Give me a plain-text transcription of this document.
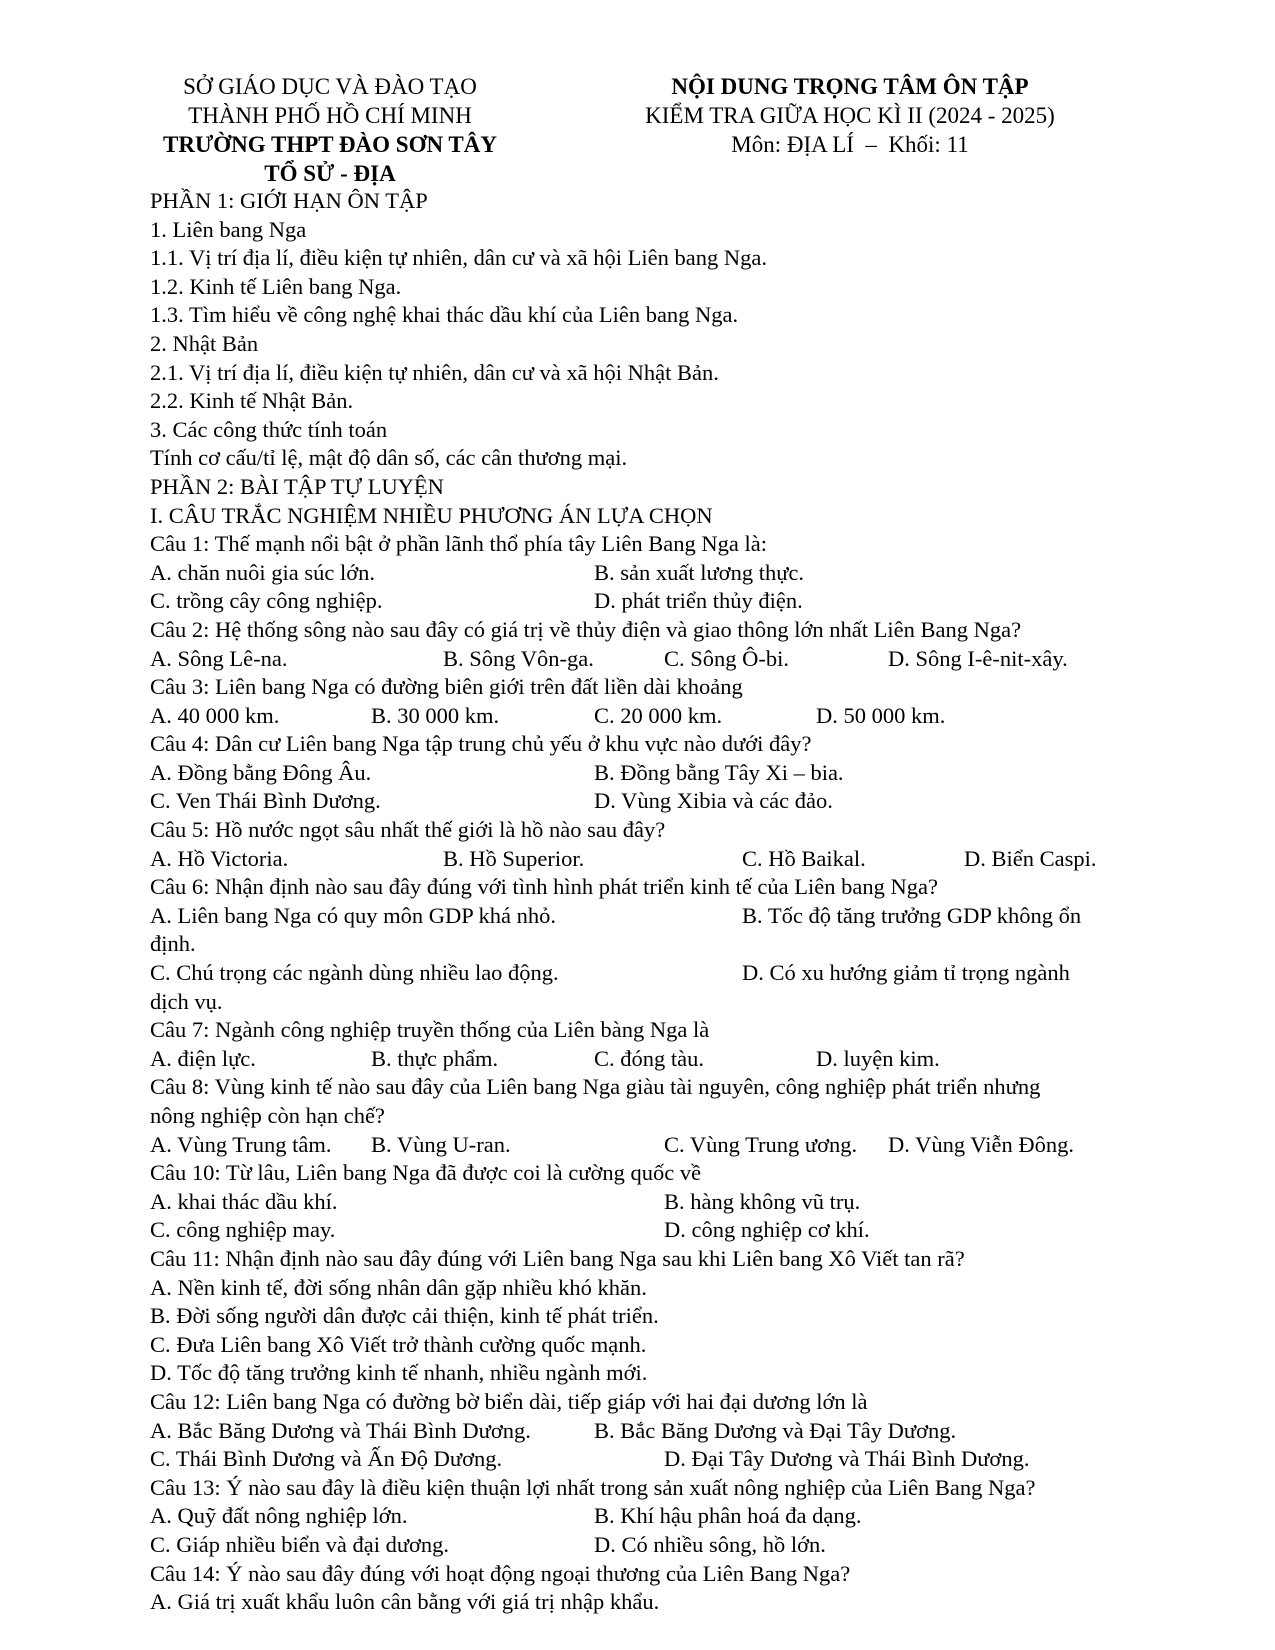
SỞ GIÁO DỤC VÀ ĐÀO TẠO
THÀNH PHỐ HỒ CHÍ MINH
TRƯỜNG THPT ĐÀO SƠN TÂY
TỔ SỬ - ĐỊA
NỘI DUNG TRỌNG TÂM ÔN TẬP
KIỂM TRA GIỮA HỌC KÌ II (2024 - 2025)
Môn: ĐỊA LÍ  –  Khối: 11
PHẦN 1: GIỚI HẠN ÔN TẬP
1. Liên bang Nga
1.1. Vị trí địa lí, điều kiện tự nhiên, dân cư và xã hội Liên bang Nga.
1.2. Kinh tế Liên bang Nga.
1.3. Tìm hiểu về công nghệ khai thác dầu khí của Liên bang Nga.
2. Nhật Bản
2.1. Vị trí địa lí, điều kiện tự nhiên, dân cư và xã hội Nhật Bản.
2.2. Kinh tế Nhật Bản.
3. Các công thức tính toán
Tính cơ cấu/tỉ lệ, mật độ dân số, các cân thương mại.
PHẦN 2: BÀI TẬP TỰ LUYỆN
I. CÂU TRẮC NGHIỆM NHIỀU PHƯƠNG ÁN LỰA CHỌN
Câu 1: Thế mạnh nổi bật ở phần lãnh thổ phía tây Liên Bang Nga là:
A. chăn nuôi gia súc lớn.	B. sản xuất lương thực.
C. trồng cây công nghiệp.	D. phát triển thủy điện.
Câu 2: Hệ thống sông nào sau đây có giá trị về thủy điện và giao thông lớn nhất Liên Bang Nga?
A. Sông Lê-na.	B. Sông Vôn-ga.	C. Sông Ô-bi.	D. Sông I-ê-nit-xây.
Câu 3: Liên bang Nga có đường biên giới trên đất liền dài khoảng
A. 40 000 km.	B. 30 000 km.	C. 20 000 km.	D. 50 000 km.
Câu 4: Dân cư Liên bang Nga tập trung chủ yếu ở khu vực nào dưới đây?
A. Đồng bằng Đông Âu.	B. Đồng bằng Tây Xi – bia.
C. Ven Thái Bình Dương.	D. Vùng Xibia và các đảo.
Câu 5: Hồ nước ngọt sâu nhất thế giới là hồ nào sau đây?
A. Hồ Victoria.	B. Hồ Superior.	C. Hồ Baikal.	D. Biển Caspi.
Câu 6: Nhận định nào sau đây đúng với tình hình phát triển kinh tế của Liên bang Nga?
A. Liên bang Nga có quy môn GDP khá nhỏ.	B. Tốc độ tăng trưởng GDP không ổn
định.
C. Chú trọng các ngành dùng nhiều lao động.	D. Có xu hướng giảm tỉ trọng ngành
dịch vụ.
Câu 7: Ngành công nghiệp truyền thống của Liên bàng Nga là
A. điện lực.	B. thực phẩm.	C. đóng tàu.	D. luyện kim.
Câu 8: Vùng kinh tế nào sau đây của Liên bang Nga giàu tài nguyên, công nghiệp phát triển nhưng
nông nghiệp còn hạn chế?
A. Vùng Trung tâm. B. Vùng U-ran.	C. Vùng Trung ương. D. Vùng Viễn Đông.
Câu 10: Từ lâu, Liên bang Nga đã được coi là cường quốc về
A. khai thác dầu khí.	B. hàng không vũ trụ.
C. công nghiệp may.	D. công nghiệp cơ khí.
Câu 11: Nhận định nào sau đây đúng với Liên bang Nga sau khi Liên bang Xô Viết tan rã?
A. Nền kinh tế, đời sống nhân dân gặp nhiều khó khăn.
B. Đời sống người dân được cải thiện, kinh tế phát triển.
C. Đưa Liên bang Xô Viết trở thành cường quốc mạnh.
D. Tốc độ tăng trưởng kinh tế nhanh, nhiều ngành mới.
Câu 12: Liên bang Nga có đường bờ biển dài, tiếp giáp với hai đại dương lớn là
A. Bắc Băng Dương và Thái Bình Dương.	B. Bắc Băng Dương và Đại Tây Dương.
C. Thái Bình Dương và Ấn Độ Dương.	D. Đại Tây Dương và Thái Bình Dương.
Câu 13: Ý nào sau đây là điều kiện thuận lợi nhất trong sản xuất nông nghiệp của Liên Bang Nga?
A. Quỹ đất nông nghiệp lớn.	B. Khí hậu phân hoá đa dạng.
C. Giáp nhiều biển và đại dương.	D. Có nhiều sông, hồ lớn.
Câu 14: Ý nào sau đây đúng với hoạt động ngoại thương của Liên Bang Nga?
A. Giá trị xuất khẩu luôn cân bằng với giá trị nhập khẩu.
